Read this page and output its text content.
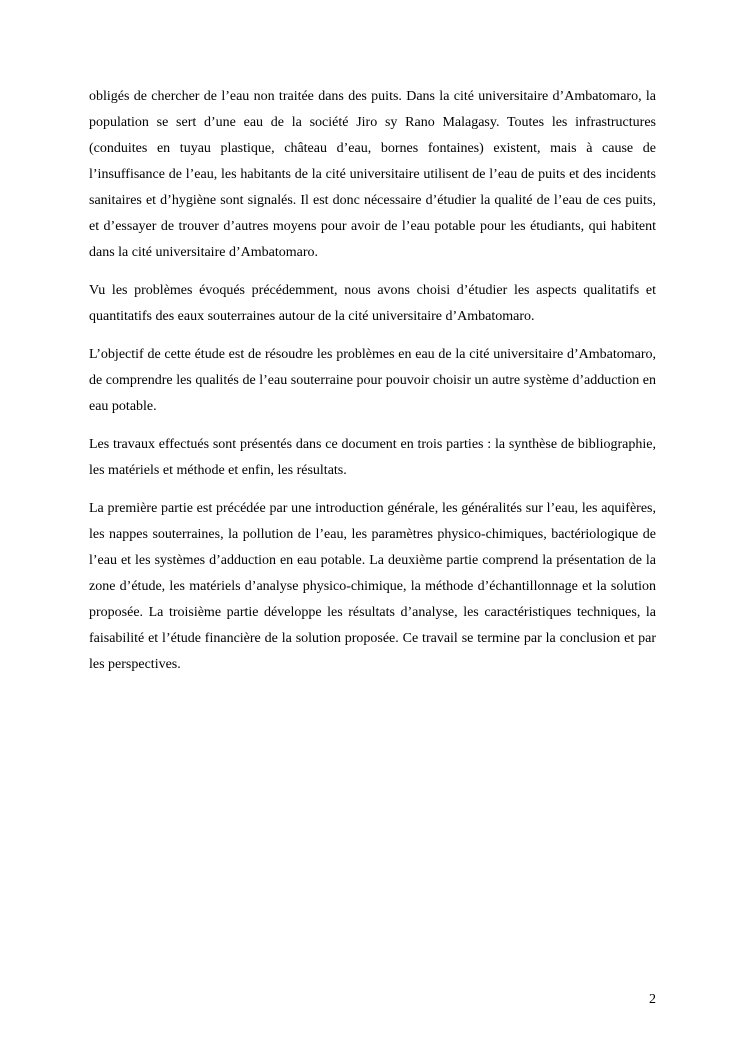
obligés de chercher de l’eau non traitée dans des puits. Dans la cité universitaire d’Ambatomaro, la population se sert d’une eau de la société Jiro sy Rano Malagasy. Toutes les infrastructures (conduites en tuyau plastique, château d’eau, bornes fontaines) existent, mais à cause de l’insuffisance de l’eau, les habitants de la cité universitaire utilisent de l’eau de puits et des incidents sanitaires et d’hygiène sont signalés. Il est donc nécessaire d’étudier la qualité de l’eau de ces puits, et d’essayer de trouver d’autres moyens pour avoir de l’eau potable pour les étudiants, qui habitent dans la cité universitaire d’Ambatomaro.

Vu les problèmes évoqués précédemment, nous avons choisi d’étudier les aspects qualitatifs et quantitatifs des eaux souterraines autour de la cité universitaire d’Ambatomaro.

L’objectif de cette étude est de résoudre les problèmes en eau de la cité universitaire d’Ambatomaro, de comprendre les qualités de l’eau souterraine pour pouvoir choisir un autre système d’adduction en eau potable.

Les travaux effectués sont présentés dans ce document en trois parties : la synthèse de bibliographie, les matériels et méthode et enfin, les résultats.

La première partie est précédée par une introduction générale, les généralités sur l’eau, les aquifères, les nappes souterraines, la pollution de l’eau, les paramètres physico-chimiques, bactériologique de l’eau et les systèmes d’adduction en eau potable. La deuxième partie comprend la présentation de la zone d’étude, les matériels d’analyse physico-chimique, la méthode d’échantillonnage et la solution proposée. La troisième partie développe les résultats d’analyse, les caractéristiques techniques, la faisabilité et l’étude financière de la solution proposée. Ce travail se termine par la conclusion et par les perspectives.

2
